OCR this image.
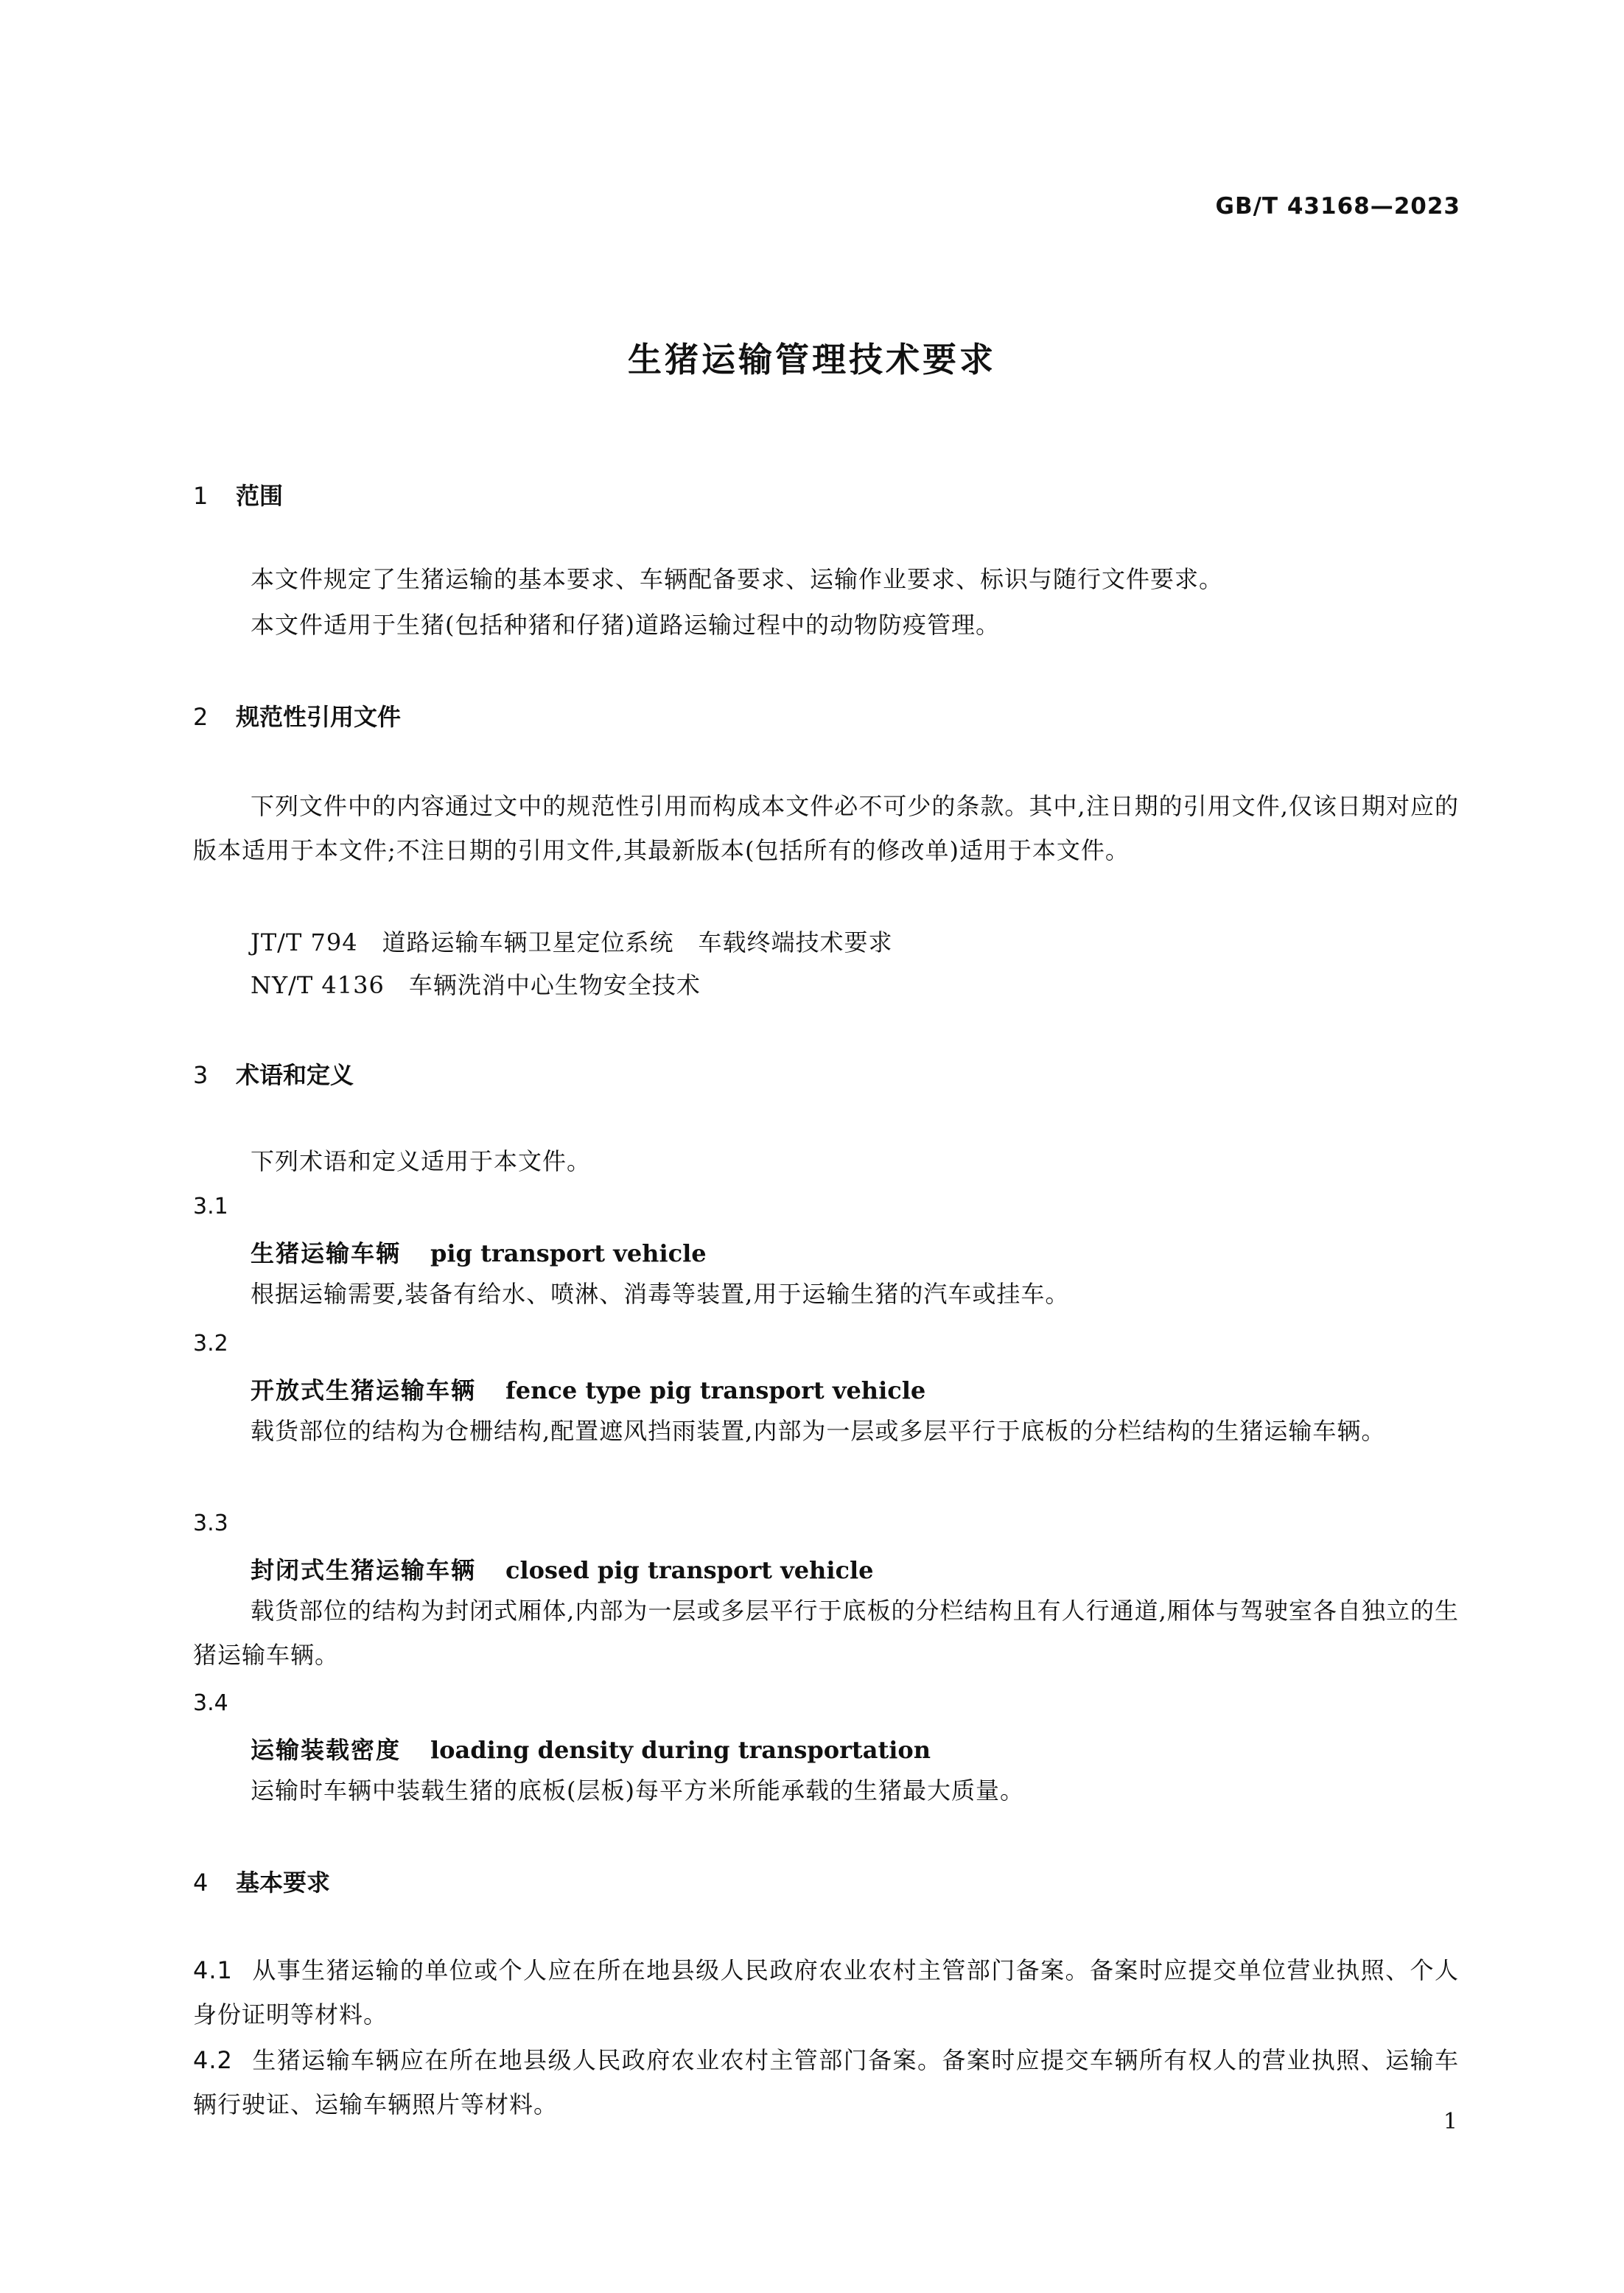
GB/T 43168—2023
生猪运输管理技术要求
1 范围
本文件规定了生猪运输的基本要求、车辆配备要求、运输作业要求、标识与随行文件要求。
本文件适用于生猪(包括种猪和仔猪)道路运输过程中的动物防疫管理。
2 规范性引用文件
下列文件中的内容通过文中的规范性引用而构成本文件必不可少的条款。其中,注日期的引用文件,仅该日期对应的版本适用于本文件;不注日期的引用文件,其最新版本(包括所有的修改单)适用于本文件。
JT/T 794　道路运输车辆卫星定位系统　车载终端技术要求
NY/T 4136　车辆洗消中心生物安全技术
3 术语和定义
下列术语和定义适用于本文件。
3.1
生猪运输车辆 pig transport vehicle
根据运输需要,装备有给水、喷淋、消毒等装置,用于运输生猪的汽车或挂车。
3.2
开放式生猪运输车辆 fence type pig transport vehicle
载货部位的结构为仓栅结构,配置遮风挡雨装置,内部为一层或多层平行于底板的分栏结构的生猪运输车辆。
3.3
封闭式生猪运输车辆 closed pig transport vehicle
载货部位的结构为封闭式厢体,内部为一层或多层平行于底板的分栏结构且有人行通道,厢体与驾驶室各自独立的生猪运输车辆。
3.4
运输装载密度 loading density during transportation
运输时车辆中装载生猪的底板(层板)每平方米所能承载的生猪最大质量。
4 基本要求
4.1 从事生猪运输的单位或个人应在所在地县级人民政府农业农村主管部门备案。备案时应提交单位营业执照、个人身份证明等材料。
4.2 生猪运输车辆应在所在地县级人民政府农业农村主管部门备案。备案时应提交车辆所有权人的营业执照、运输车辆行驶证、运输车辆照片等材料。
1
